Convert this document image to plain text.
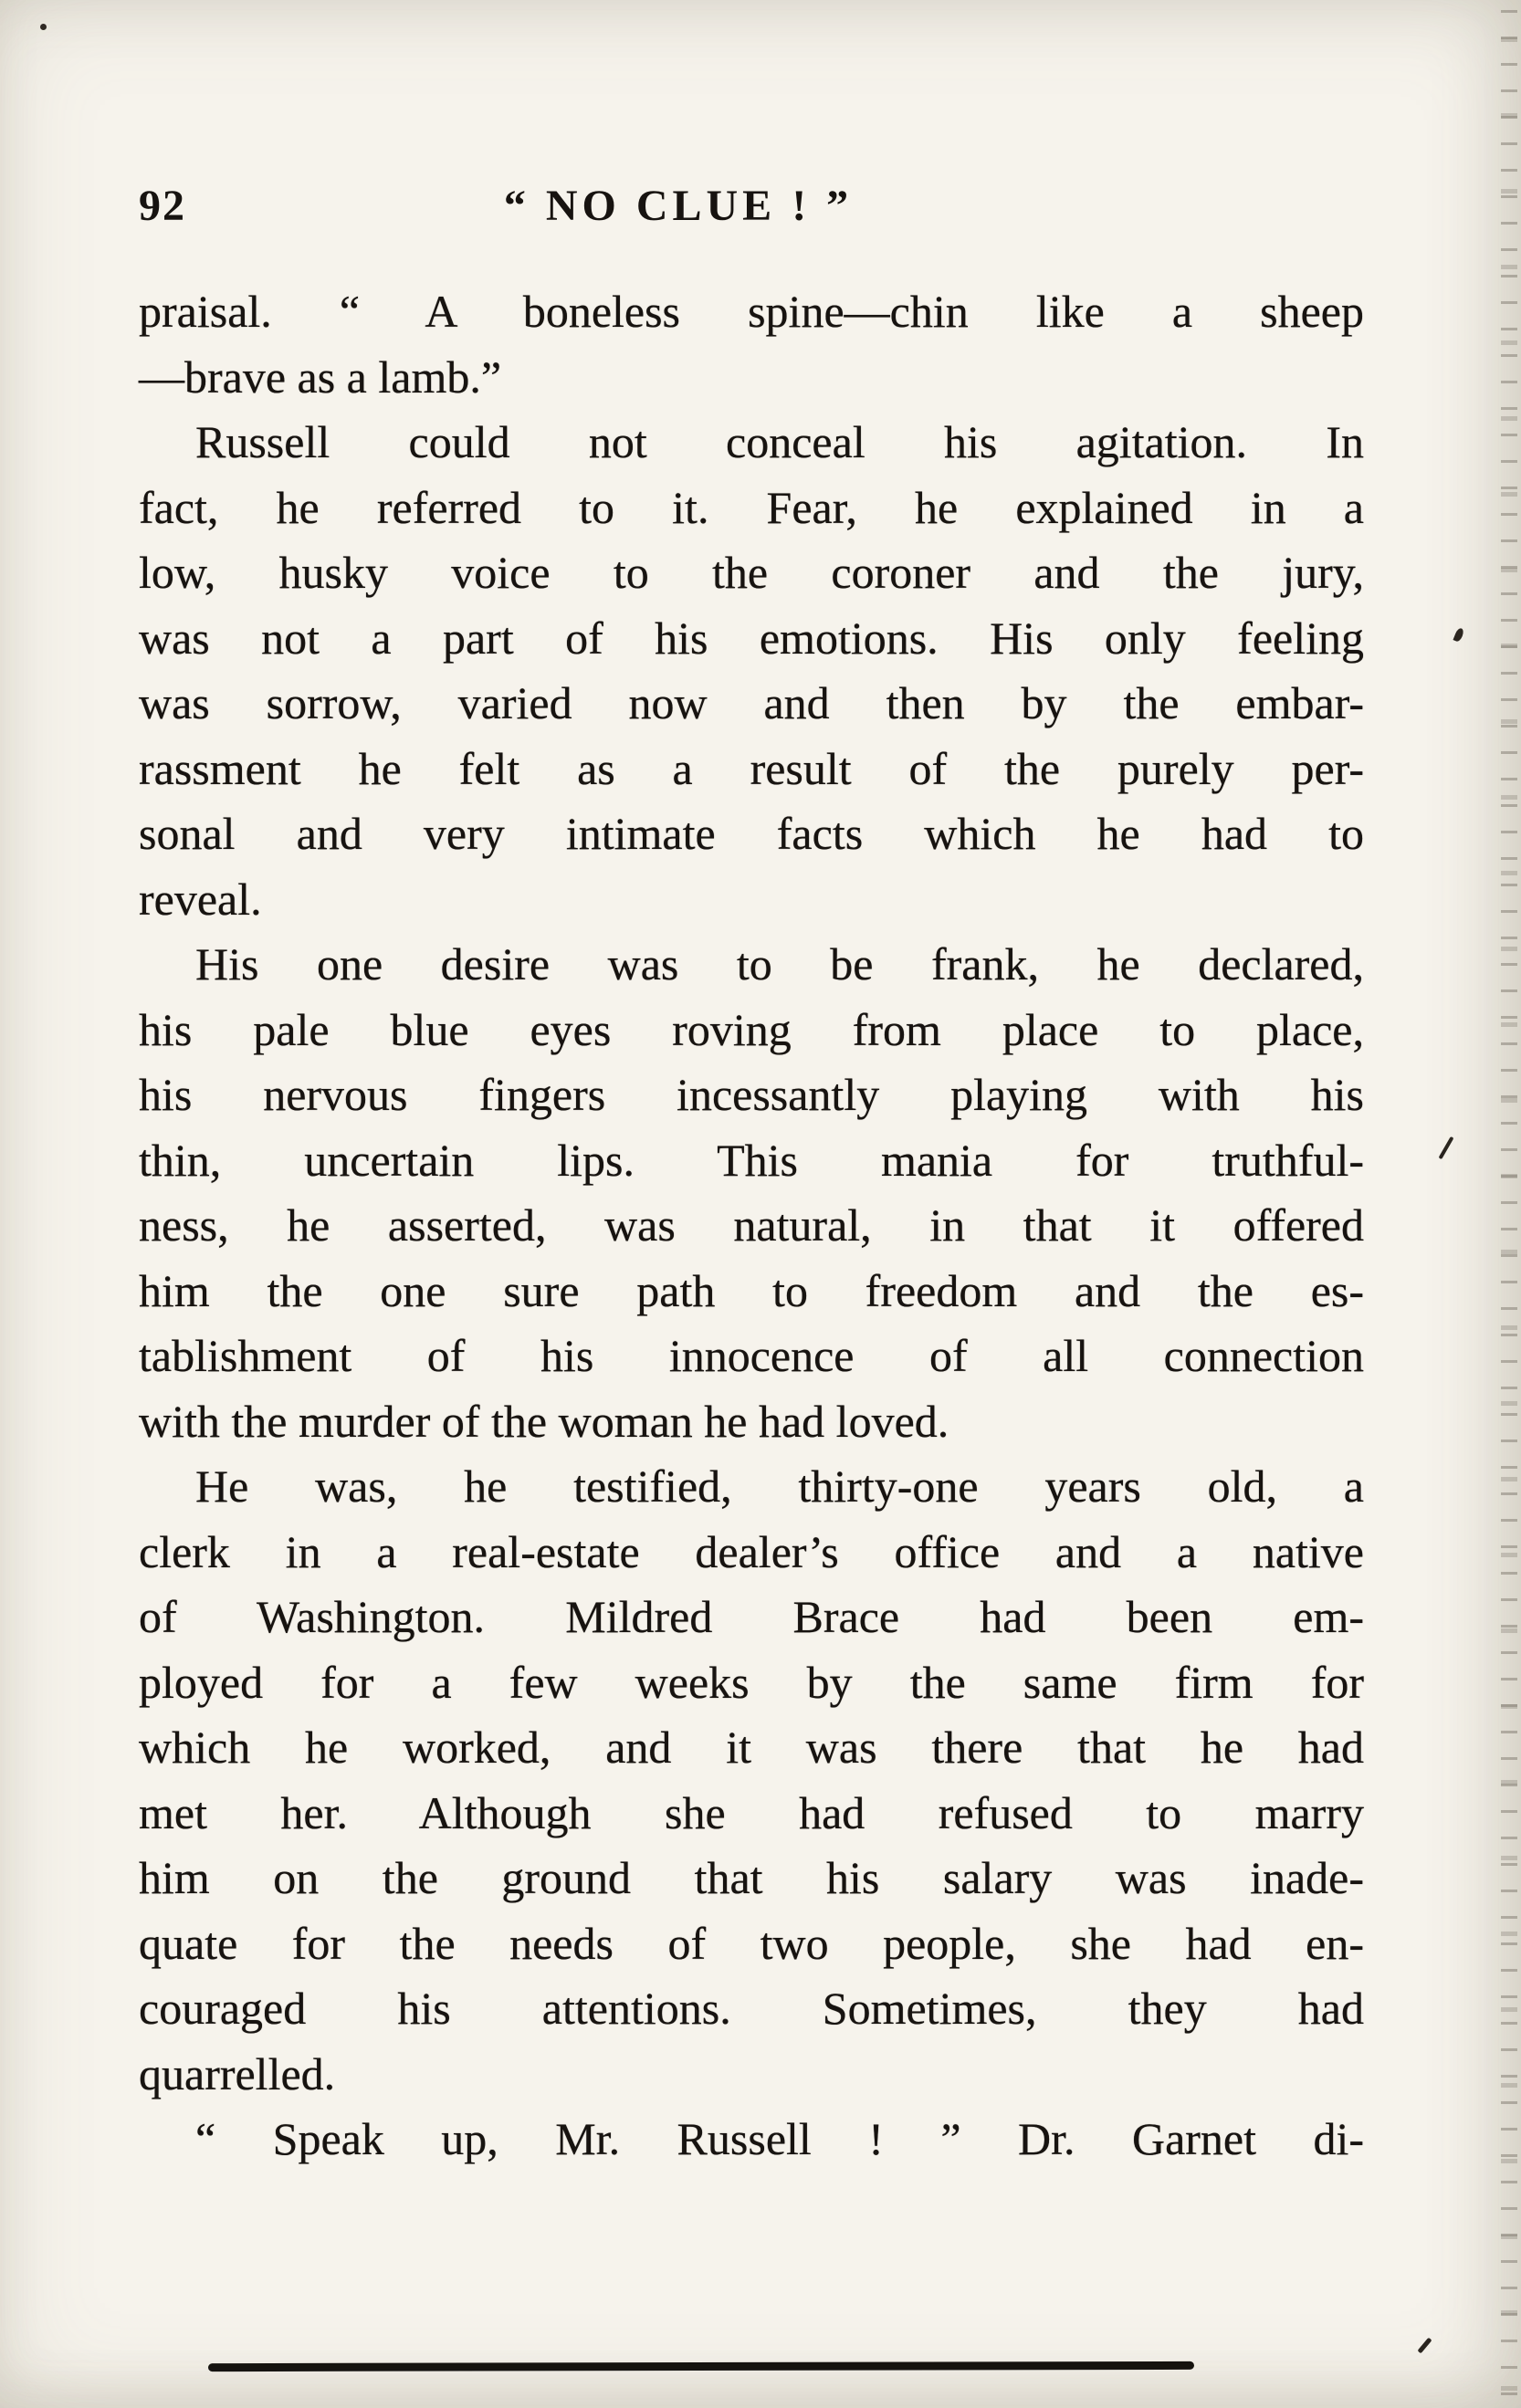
92	“ NO CLUE ! ”
praisal. “ A boneless spine—chin like a sheep
—brave as a lamb.”
Russell could not conceal his agitation. In
fact, he referred to it. Fear, he explained in a
low, husky voice to the coroner and the jury,
was not a part of his emotions. His only feeling
was sorrow, varied now and then by the embar-
rassment he felt as a result of the purely per-
sonal and very intimate facts which he had to
reveal.
His one desire was to be frank, he declared,
his pale blue eyes roving from place to place,
his nervous fingers incessantly playing with his
thin, uncertain lips. This mania for truthful-
ness, he asserted, was natural, in that it offered
him the one sure path to freedom and the es-
tablishment of his innocence of all connection
with the murder of the woman he had loved.
He was, he testified, thirty-one years old, a
clerk in a real-estate dealer’s office and a native
of Washington. Mildred Brace had been em-
ployed for a few weeks by the same firm for
which he worked, and it was there that he had
met her. Although she had refused to marry
him on the ground that his salary was inade-
quate for the needs of two people, she had en-
couraged his attentions. Sometimes, they had
quarrelled.
“ Speak up, Mr. Russell ! ” Dr. Garnet di-
